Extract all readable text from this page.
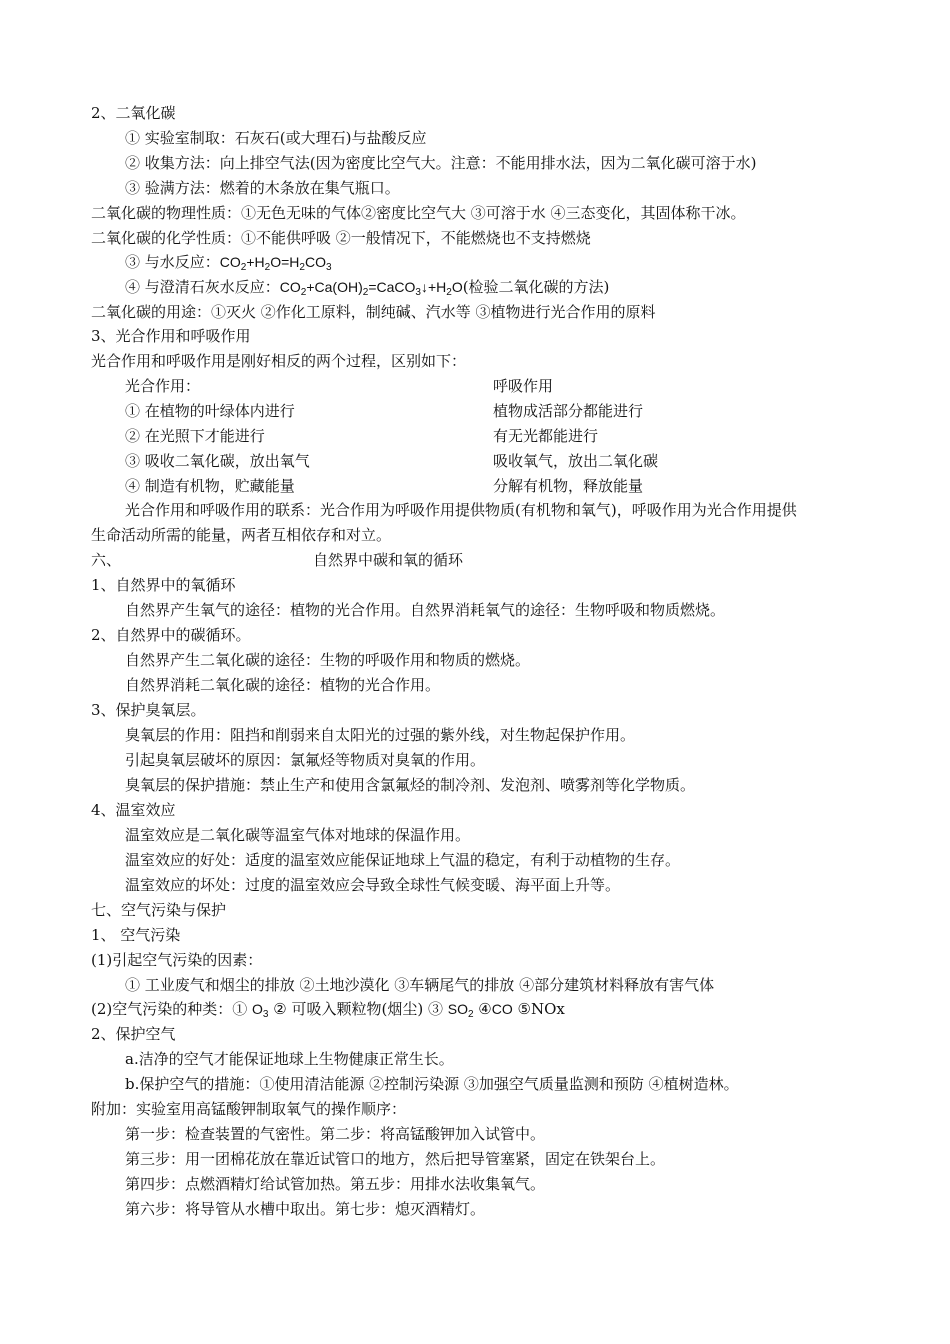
2、二氧化碳
① 实验室制取：石灰石(或大理石)与盐酸反应
② 收集方法：向上排空气法(因为密度比空气大。注意：不能用排水法，因为二氧化碳可溶于水)
③ 验满方法：燃着的木条放在集气瓶口。
二氧化碳的物理性质：①无色无味的气体②密度比空气大 ③可溶于水 ④三态变化，其固体称干冰。
二氧化碳的化学性质：①不能供呼吸 ②一般情况下，不能燃烧也不支持燃烧
③ 与水反应：$CO_2+H_2O=H_2CO_3$
④ 与澄清石灰水反应：$CO_2+Ca(OH)_2=CaCO_3↓+H_2O$(检验二氧化碳的方法)
二氧化碳的用途：①灭火 ②作化工原料，制纯碱、汽水等 ③植物进行光合作用的原料
3、光合作用和呼吸作用
光合作用和呼吸作用是刚好相反的两个过程，区别如下：
光合作用：	呼吸作用
① 在植物的叶绿体内进行	植物成活部分都能进行
② 在光照下才能进行	有无光都能进行
③ 吸收二氧化碳，放出氧气	吸收氧气，放出二氧化碳
④ 制造有机物，贮藏能量	分解有机物，释放能量
光合作用和呼吸作用的联系：光合作用为呼吸作用提供物质(有机物和氧气)，呼吸作用为光合作用提供
生命活动所需的能量，两者互相依存和对立。
六、	自然界中碳和氧的循环
1、自然界中的氧循环
自然界产生氧气的途径：植物的光合作用。自然界消耗氧气的途径：生物呼吸和物质燃烧。
2、自然界中的碳循环。
自然界产生二氧化碳的途径：生物的呼吸作用和物质的燃烧。
自然界消耗二氧化碳的途径：植物的光合作用。
3、保护臭氧层。
臭氧层的作用：阻挡和削弱来自太阳光的过强的紫外线，对生物起保护作用。
引起臭氧层破坏的原因：氯氟烃等物质对臭氧的作用。
臭氧层的保护措施：禁止生产和使用含氯氟烃的制冷剂、发泡剂、喷雾剂等化学物质。
4、温室效应
温室效应是二氧化碳等温室气体对地球的保温作用。
温室效应的好处：适度的温室效应能保证地球上气温的稳定，有利于动植物的生存。
温室效应的坏处：过度的温室效应会导致全球性气候变暖、海平面上升等。
七、空气污染与保护
1、 空气污染
(1)引起空气污染的因素：
① 工业废气和烟尘的排放 ②土地沙漠化 ③车辆尾气的排放 ④部分建筑材料释放有害气体
(2)空气污染的种类：① $O_3$ ② 可吸入颗粒物(烟尘) ③ $SO_2$ ④CO ⑤NOx
2、保护空气
a.洁净的空气才能保证地球上生物健康正常生长。
b.保护空气的措施：①使用清洁能源 ②控制污染源 ③加强空气质量监测和预防 ④植树造林。
附加：实验室用高锰酸钾制取氧气的操作顺序：
第一步：检查装置的气密性。第二步：将高锰酸钾加入试管中。
第三步：用一团棉花放在靠近试管口的地方，然后把导管塞紧，固定在铁架台上。
第四步：点燃酒精灯给试管加热。第五步：用排水法收集氧气。
第六步：将导管从水槽中取出。第七步：熄灭酒精灯。
